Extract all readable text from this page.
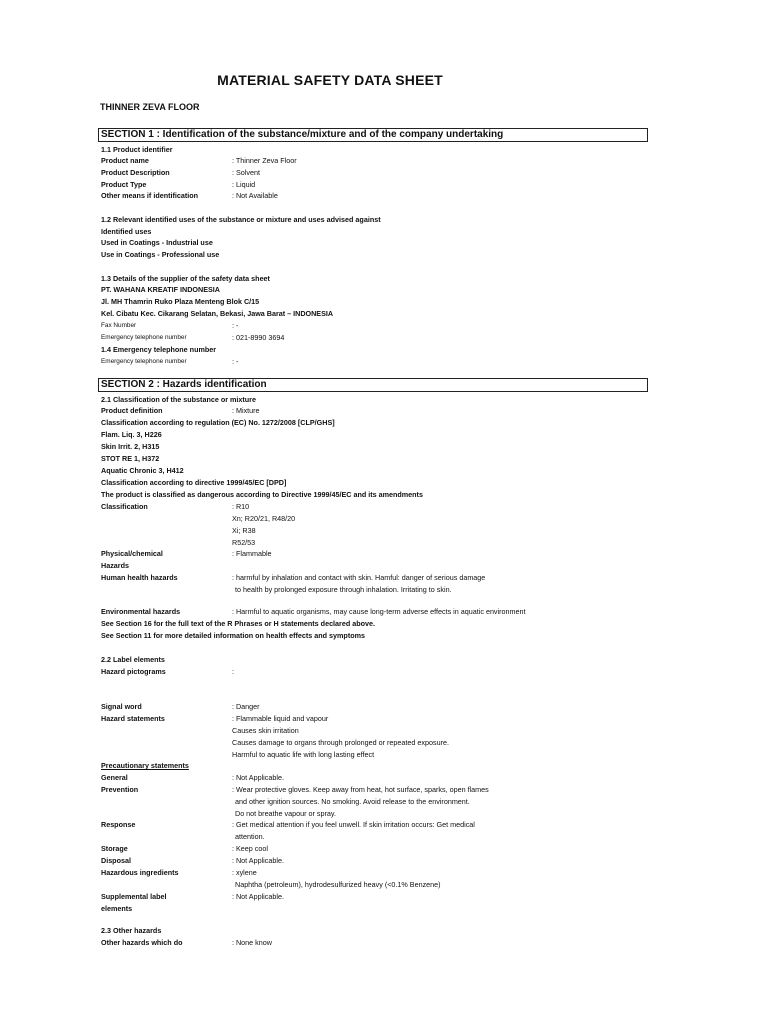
MATERIAL SAFETY DATA SHEET
THINNER ZEVA FLOOR
SECTION 1 : Identification of the substance/mixture and of the company undertaking
1.1 Product identifier
Product name	: Thinner Zeva Floor
Product Description	: Solvent
Product Type	: Liquid
Other means if identification	: Not Available
1.2 Relevant identified uses of the substance or mixture and uses advised against
Identified uses
Used in Coatings - Industrial use
Use in Coatings - Professional use
1.3 Details of the supplier of the safety data sheet
PT. WAHANA KREATIF INDONESIA
Jl. MH Thamrin Ruko Plaza Menteng Blok C/15
Kel. Cibatu Kec. Cikarang Selatan, Bekasi, Jawa Barat – INDONESIA
Fax Number	: -
Emergency telephone number	: 021-8990 3694
1.4 Emergency telephone number
Emergency telephone number	: -
SECTION 2 : Hazards identification
2.1 Classification of the substance or mixture
Product definition	: Mixture
Classification according to regulation (EC) No. 1272/2008 [CLP/GHS]
Flam. Liq. 3, H226
Skin Irrit. 2, H315
STOT RE 1, H372
Aquatic Chronic 3, H412
Classification according to directive 1999/45/EC [DPD]
The product is classified as dangerous according to Directive 1999/45/EC and its amendments
Classification	: R10
Xn; R20/21, R48/20
Xi; R38
R52/53
Physical/chemical	: Flammable
Hazards
Human health hazards	: harmful by inhalation and contact with skin. Hamful: danger of serious damage
to health by prolonged exposure through inhalation. Irritating to skin.
Environmental hazards	: Harmful to aquatic organisms, may cause long-term adverse effects in aquatic environment
See Section 16 for the full text of the R Phrases or H statements declared above.
See Section 11 for more detailed information on health effects and symptoms
2.2 Label elements
Hazard pictograms	:
Signal word	: Danger
Hazard statements	: Flammable liquid and vapour
Causes skin irritation
Causes damage to organs through prolonged or repeated exposure.
Harmful to aquatic life with long lasting effect
Precautionary statements
General	: Not Applicable.
Prevention	: Wear protective gloves. Keep away from heat, hot surface, sparks, open flames
and other ignition sources. No smoking. Avoid release to the environment.
Do not breathe vapour or spray.
Response	: Get medical attention if you feel unwell. If skin irritation occurs: Get medical
attention.
Storage	: Keep cool
Disposal	: Not Applicable.
Hazardous ingredients	: xylene
Naphtha (petroleum), hydrodesulfurized heavy (<0.1% Benzene)
Supplemental label	: Not Applicable.
elements
2.3 Other hazards
Other hazards which do	: None know
